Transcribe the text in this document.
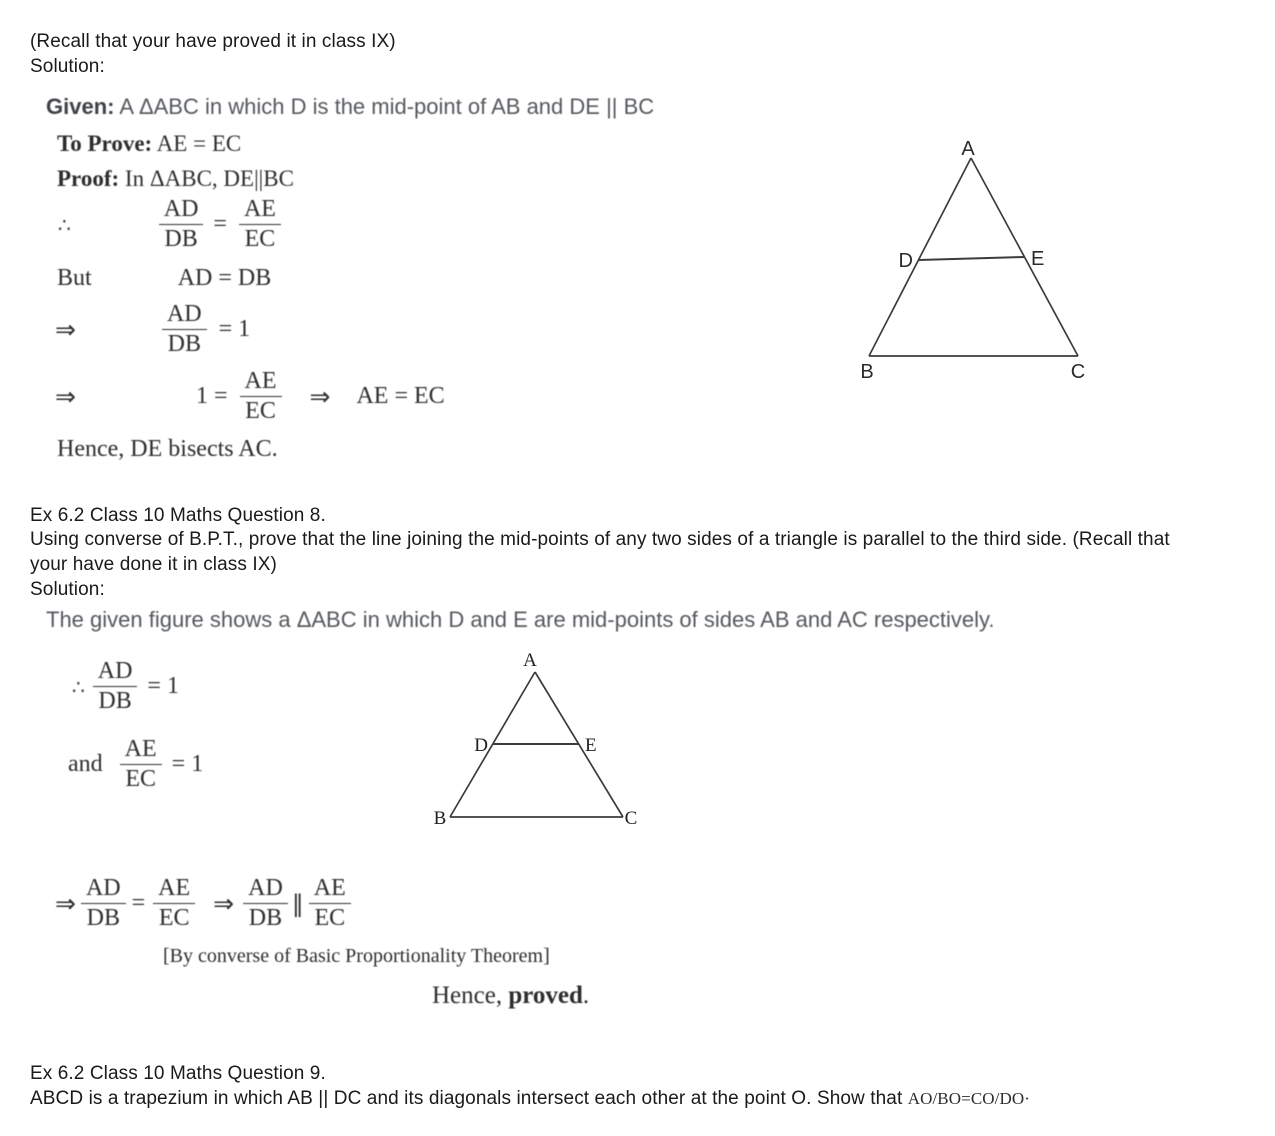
(Recall that your have proved it in class IX)
Solution:
Given: A ΔABC in which D is the mid-point of AB and DE || BC
To Prove: AE = EC
Proof: In ΔABC, DE||BC
∴	$\frac{AD}{DB} = \frac{AE}{EC}$
But	AD = DB
⇒	$\frac{AD}{DB} = 1$
⇒	$1 = \frac{AE}{EC}$ ⇒ AE = EC
Hence, DE bisects AC.
A
D	E
B	C
Ex 6.2 Class 10 Maths Question 8.
Using converse of B.P.T., prove that the line joining the mid-points of any two sides of a triangle is parallel to the third side. (Recall that
your have done it in class IX)
Solution:
The given figure shows a ΔABC in which D and E are mid-points of sides AB and AC respectively.
∴ $\frac{AD}{DB} = 1$
and $\frac{AE}{EC} = 1$
A
D	E
B	C
⇒ $\frac{AD}{DB} = \frac{AE}{EC}$ ⇒ $\frac{AD}{DB}$ ∥ $\frac{AE}{EC}$
[By converse of Basic Proportionality Theorem]
Hence, proved.
Ex 6.2 Class 10 Maths Question 9.
ABCD is a trapezium in which AB || DC and its diagonals intersect each other at the point O. Show that AO/BO=CO/DO·
